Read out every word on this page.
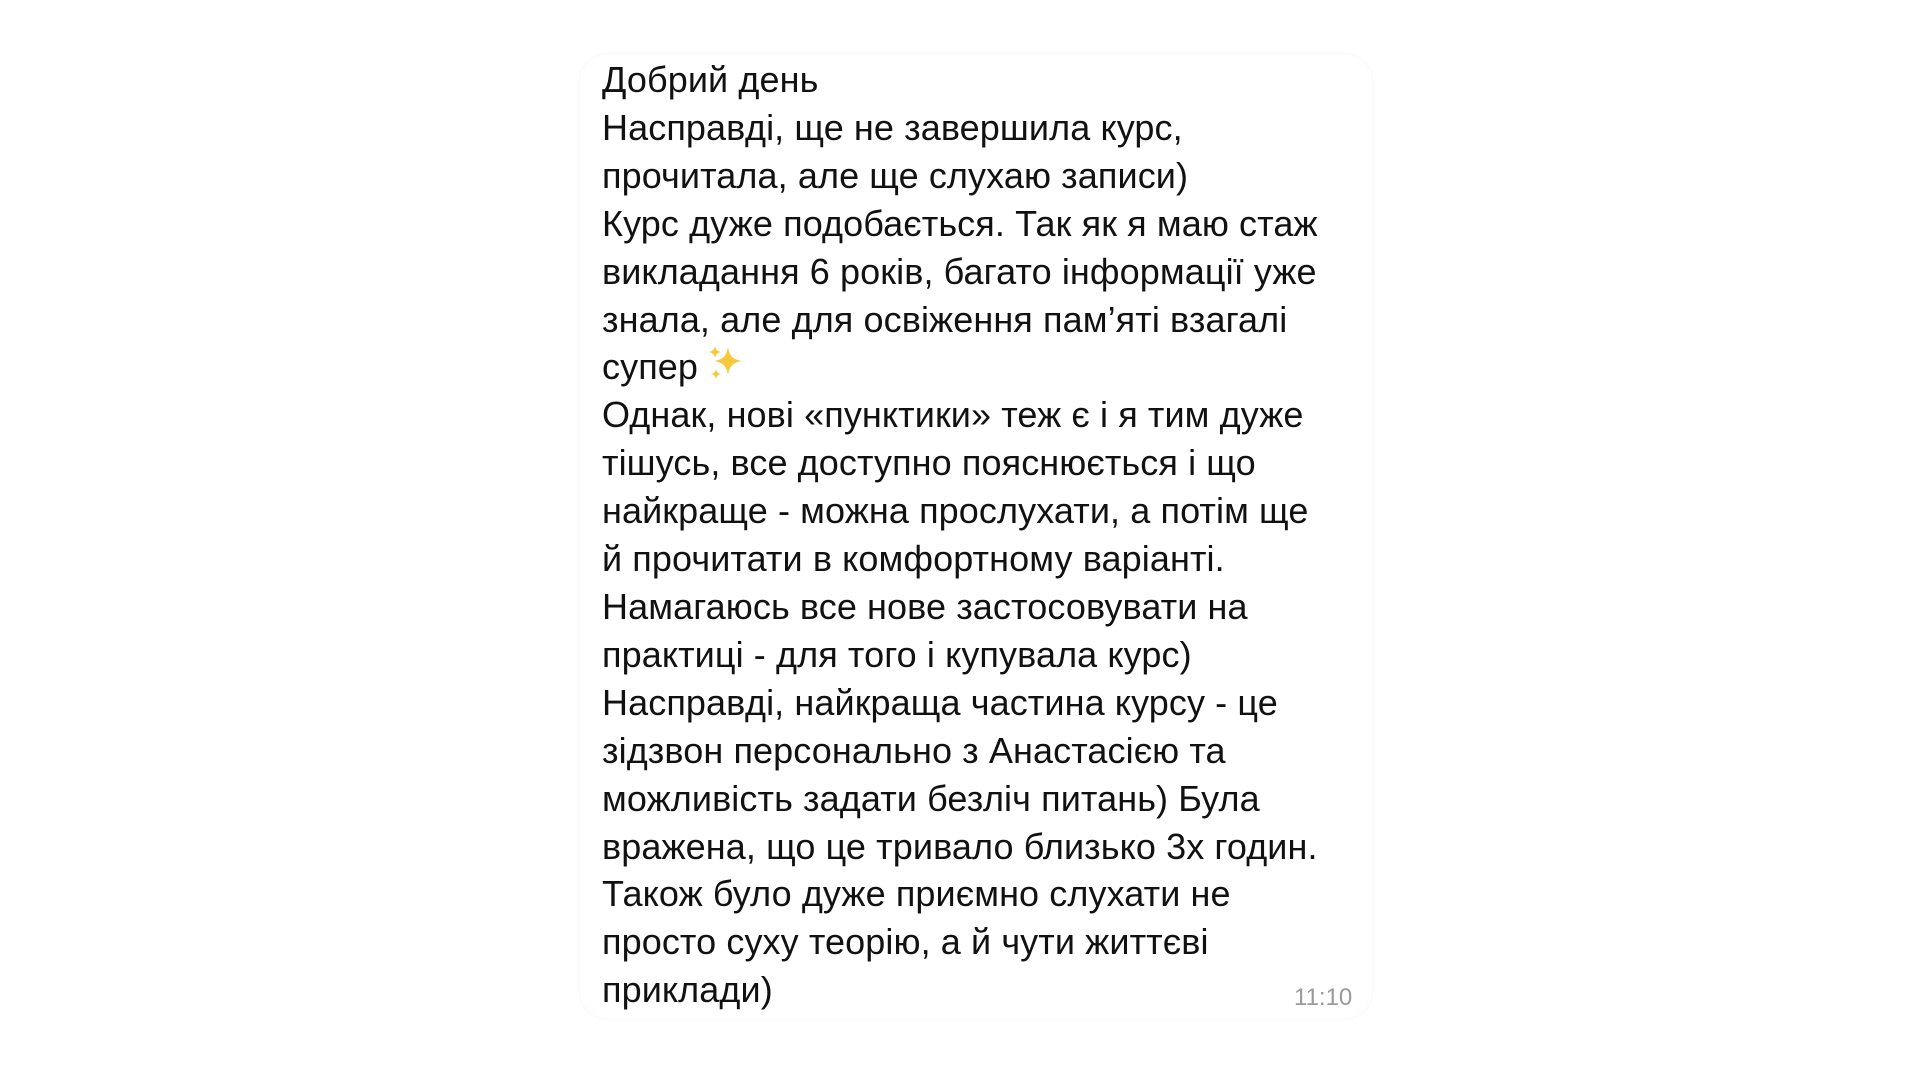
Добрий день
Насправді, ще не завершила курс,
прочитала, але ще слухаю записи)
Курс дуже подобається. Так як я маю стаж
викладання 6 років, багато інформації уже
знала, але для освіження пам’яті взагалі
супер
Однак, нові «пунктики» теж є і я тим дуже
тішусь, все доступно пояснюється і що
найкраще - можна прослухати, а потім ще
й прочитати в комфортному варіанті.
Намагаюсь все нове застосовувати на
практиці - для того і купувала курс)
Насправді, найкраща частина курсу - це
зідзвон персонально з Анастасією та
можливість задати безліч питань) Була
вражена, що це тривало близько 3х годин.
Також було дуже приємно слухати не
просто суху теорію, а й чути життєві
приклади)	11:10
